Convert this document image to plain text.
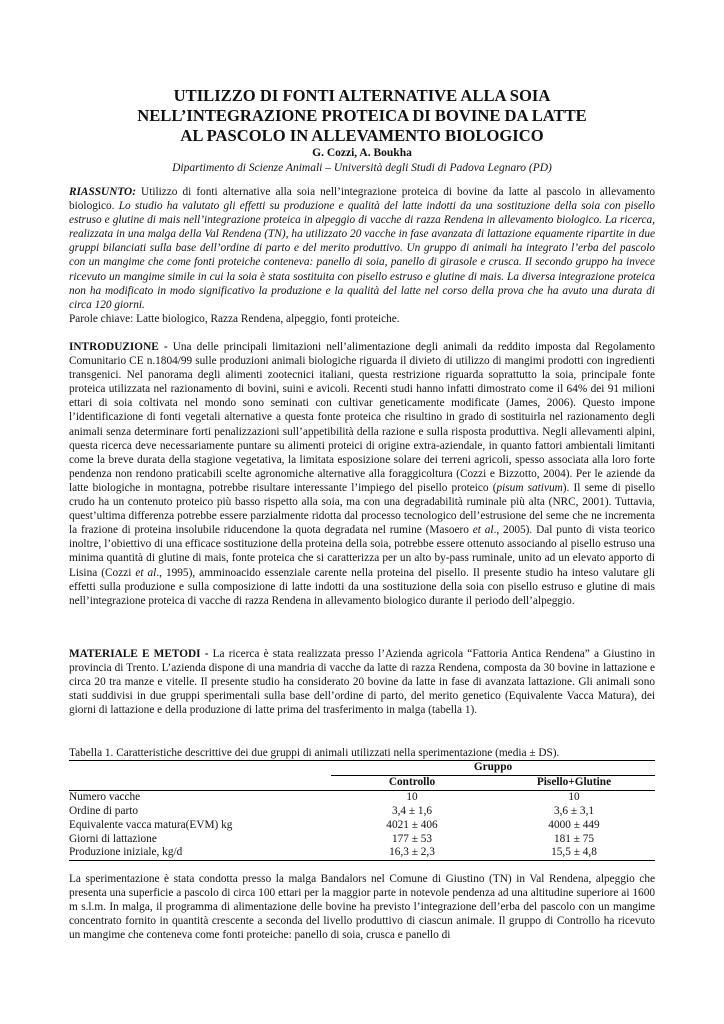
UTILIZZO DI FONTI ALTERNATIVE ALLA SOIA
NELL’INTEGRAZIONE PROTEICA DI BOVINE DA LATTE
AL PASCOLO IN ALLEVAMENTO BIOLOGICO
G. Cozzi, A. Boukha
Dipartimento di Scienze Animali – Università degli Studi di Padova Legnaro (PD)
RIASSUNTO: Utilizzo di fonti alternative alla soia nell’integrazione proteica di bovine da latte al pascolo in allevamento biologico. Lo studio ha valutato gli effetti su produzione e qualità del latte indotti da una sostituzione della soia con pisello estruso e glutine di mais nell’integrazione proteica in alpeggio di vacche di razza Rendena in allevamento biologico. La ricerca, realizzata in una malga della Val Rendena (TN), ha utilizzato 20 vacche in fase avanzata di lattazione equamente ripartite in due gruppi bilanciati sulla base dell’ordine di parto e del merito produttivo. Un gruppo di animali ha integrato l’erba del pascolo con un mangime che come fonti proteiche conteneva: panello di soia, panello di girasole e crusca. Il secondo gruppo ha invece ricevuto un mangime simile in cui la soia è stata sostituita con pisello estruso e glutine di mais. La diversa integrazione proteica non ha modificato in modo significativo la produzione e la qualità del latte nel corso della prova che ha avuto una durata di circa 120 giorni.
Parole chiave: Latte biologico, Razza Rendena, alpeggio, fonti proteiche.
INTRODUZIONE - Una delle principali limitazioni nell’alimentazione degli animali da reddito imposta dal Regolamento Comunitario CE n.1804/99 sulle produzioni animali biologiche riguarda il divieto di utilizzo di mangimi prodotti con ingredienti transgenici. Nel panorama degli alimenti zootecnici italiani, questa restrizione riguarda soprattutto la soia, principale fonte proteica utilizzata nel razionamento di bovini, suini e avicoli. Recenti studi hanno infatti dimostrato come il 64% dei 91 milioni ettari di soia coltivata nel mondo sono seminati con cultivar geneticamente modificate (James, 2006). Questo impone l’identificazione di fonti vegetali alternative a questa fonte proteica che risultino in grado di sostituirla nel razionamento degli animali senza determinare forti penalizzazioni sull’appetibilità della razione e sulla risposta produttiva. Negli allevamenti alpini, questa ricerca deve necessariamente puntare su alimenti proteici di origine extra-aziendale, in quanto fattori ambientali limitanti come la breve durata della stagione vegetativa, la limitata esposizione solare dei terreni agricoli, spesso associata alla loro forte pendenza non rendono praticabili scelte agronomiche alternative alla foraggicoltura (Cozzi e Bizzotto, 2004). Per le aziende da latte biologiche in montagna, potrebbe risultare interessante l’impiego del pisello proteico (pisum sativum). Il seme di pisello crudo ha un contenuto proteico più basso rispetto alla soia, ma con una degradabilità ruminale più alta (NRC, 2001). Tuttavia, quest’ultima differenza potrebbe essere parzialmente ridotta dal processo tecnologico dell’estrusione del seme che ne incrementa la frazione di proteina insolubile riducendone la quota degradata nel rumine (Masoero et al., 2005). Dal punto di vista teorico inoltre, l’obiettivo di una efficace sostituzione della proteina della soia, potrebbe essere ottenuto associando al pisello estruso una minima quantità di glutine di mais, fonte proteica che si caratterizza per un alto by-pass ruminale, unito ad un elevato apporto di Lisina (Cozzi et al., 1995), amminoacido essenziale carente nella proteina del pisello. Il presente studio ha inteso valutare gli effetti sulla produzione e sulla composizione di latte indotti da una sostituzione della soia con pisello estruso e glutine di mais nell’integrazione proteica di vacche di razza Rendena in allevamento biologico durante il periodo dell’alpeggio.
MATERIALE E METODI - La ricerca è stata realizzata presso l’Azienda agricola “Fattoria Antica Rendena” a Giustino in provincia di Trento. L’azienda dispone di una mandria di vacche da latte di razza Rendena, composta da 30 bovine in lattazione e circa 20 tra manze e vitelle. Il presente studio ha considerato 20 bovine da latte in fase di avanzata lattazione. Gli animali sono stati suddivisi in due gruppi sperimentali sulla base dell’ordine di parto, del merito genetico (Equivalente Vacca Matura), dei giorni di lattazione e della produzione di latte prima del trasferimento in malga (tabella 1).
Tabella 1. Caratteristiche descrittive dei due gruppi di animali utilizzati nella sperimentazione (media ± DS).
	Gruppo	
	Controllo	Pisello+Glutine
Numero vacche	10	10
Ordine di parto	3,4 ± 1,6	3,6 ± 3,1
Equivalente vacca matura(EVM) kg	4021 ± 406	4000 ± 449
Giorni di lattazione	177 ± 53	181 ± 75
Produzione iniziale, kg/d	16,3 ± 2,3	15,5 ± 4,8
La sperimentazione è stata condotta presso la malga Bandalors nel Comune di Giustino (TN) in Val Rendena, alpeggio che presenta una superficie a pascolo di circa 100 ettari per la maggior parte in notevole pendenza ad una altitudine superiore ai 1600 m s.l.m. In malga, il programma di alimentazione delle bovine ha previsto l’integrazione dell’erba del pascolo con un mangime concentrato fornito in quantità crescente a seconda del livello produttivo di ciascun animale. Il gruppo di Controllo ha ricevuto un mangime che conteneva come fonti proteiche: panello di soia, crusca e panello di
